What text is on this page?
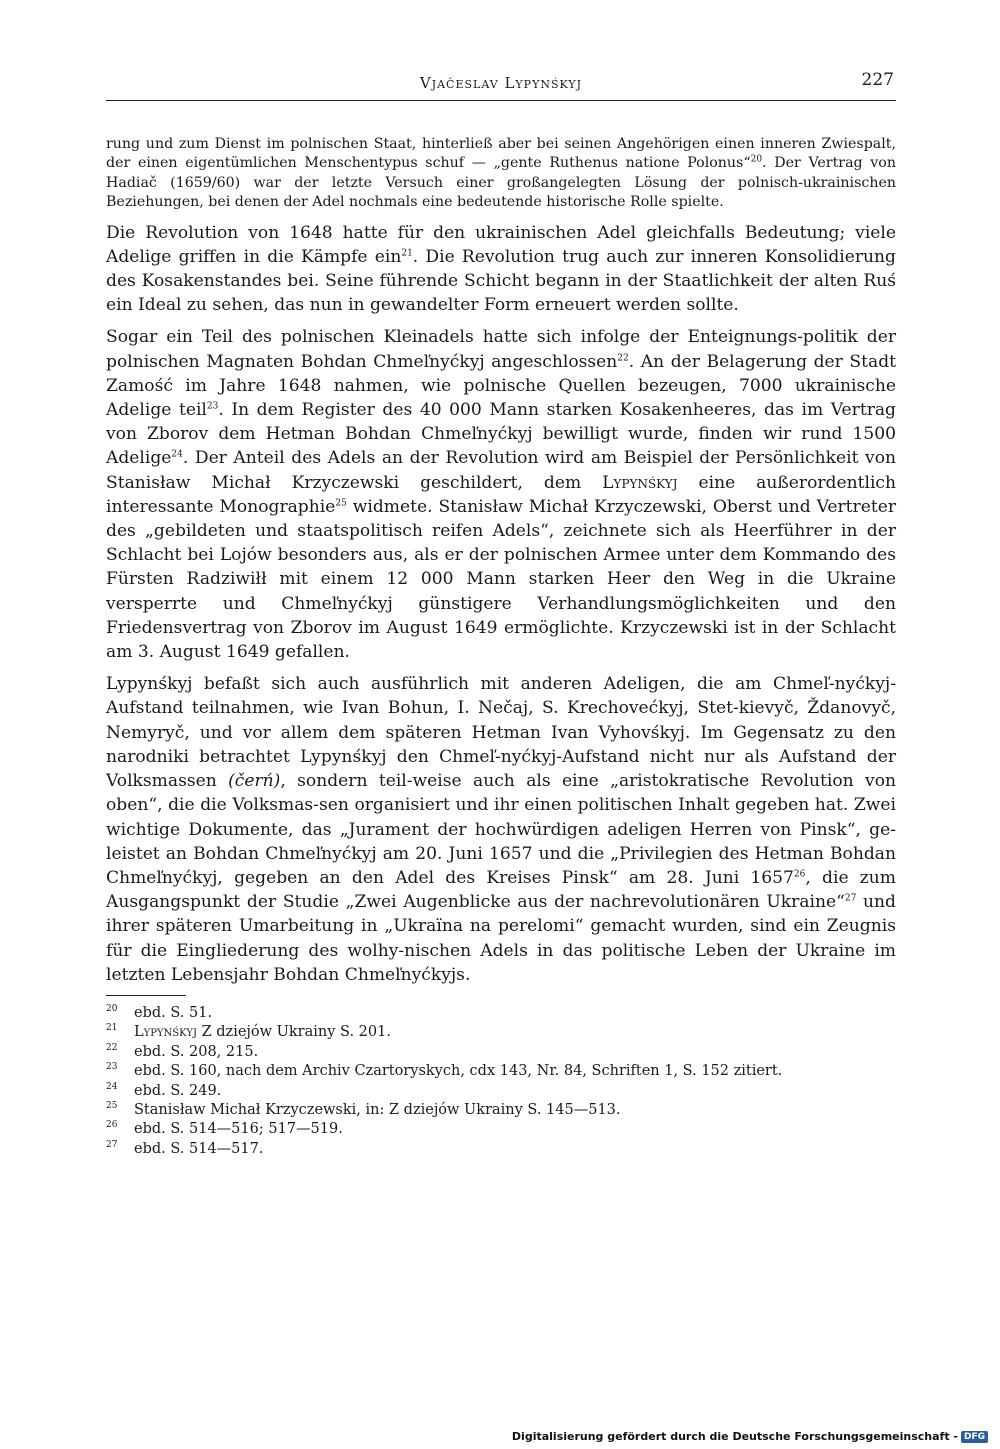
Vjačeslav Lypynśkyj	227

rung und zum Dienst im polnischen Staat, hinterließ aber bei seinen Angehörigen einen inneren Zwiespalt, der einen eigentümlichen Menschentypus schuf — „gente Ruthenus natione Polonus“$^{20}$. Der Vertrag von Hadiač (1659/60) war der letzte Versuch einer großangelegten Lösung der polnisch-ukrainischen Beziehungen, bei denen der Adel nochmals eine bedeutende historische Rolle spielte.

Die Revolution von 1648 hatte für den ukrainischen Adel gleichfalls Bedeutung; viele Adelige griffen in die Kämpfe ein$^{21}$. Die Revolution trug auch zur inneren Konsolidierung des Kosakenstandes bei. Seine führende Schicht begann in der Staatlichkeit der alten Ruś ein Ideal zu sehen, das nun in gewandelter Form erneuert werden sollte.

Sogar ein Teil des polnischen Kleinadels hatte sich infolge der Enteignungs-politik der polnischen Magnaten Bohdan Chmeľnyćkyj angeschlossen$^{22}$. An der Belagerung der Stadt Zamość im Jahre 1648 nahmen, wie polnische Quellen bezeugen, 7000 ukrainische Adelige teil$^{23}$. In dem Register des 40 000 Mann starken Kosakenheeres, das im Vertrag von Zborov dem Hetman Bohdan Chmeľnyćkyj bewilligt wurde, finden wir rund 1500 Adelige$^{24}$. Der Anteil des Adels an der Revolution wird am Beispiel der Persönlichkeit von Stanisław Michał Krzyczewski geschildert, dem Lypynśkyj eine außerordentlich interessante Monographie$^{25}$ widmete. Stanisław Michał Krzyczewski, Oberst und Vertreter des „gebildeten und staatspolitisch reifen Adels“, zeichnete sich als Heerführer in der Schlacht bei Lojów besonders aus, als er der polnischen Armee unter dem Kommando des Fürsten Radziwiłł mit einem 12 000 Mann starken Heer den Weg in die Ukraine versperrte und Chmeľnyćkyj günstigere Verhandlungsmöglichkeiten und den Friedensvertrag von Zborov im August 1649 ermöglichte. Krzyczewski ist in der Schlacht am 3. August 1649 gefallen.

Lypynśkyj befaßt sich auch ausführlich mit anderen Adeligen, die am Chmeľ-nyćkyj-Aufstand teilnahmen, wie Ivan Bohun, I. Nečaj, S. Krechovećkyj, Stet-kievyč, Ždanovyč, Nemyryč, und vor allem dem späteren Hetman Ivan Vyhovśkyj. Im Gegensatz zu den narodniki betrachtet Lypynśkyj den Chmeľ-nyćkyj-Aufstand nicht nur als Aufstand der Volksmassen (čerń), sondern teil-weise auch als eine „aristokratische Revolution von oben“, die die Volksmas-sen organisiert und ihr einen politischen Inhalt gegeben hat. Zwei wichtige Dokumente, das „Jurament der hochwürdigen adeligen Herren von Pinsk“, ge-leistet an Bohdan Chmeľnyćkyj am 20. Juni 1657 und die „Privilegien des Hetman Bohdan Chmeľnyćkyj, gegeben an den Adel des Kreises Pinsk“ am 28. Juni 1657$^{26}$, die zum Ausgangspunkt der Studie „Zwei Augenblicke aus der nachrevolutionären Ukraine“$^{27}$ und ihrer späteren Umarbeitung in „Ukraïna na perelomi“ gemacht wurden, sind ein Zeugnis für die Eingliederung des wolhy-nischen Adels in das politische Leben der Ukraine im letzten Lebensjahr Bohdan Chmeľnyćkyjs.

$^{20}$ ebd. S. 51.
$^{21}$ Lypynśkyj Z dziejów Ukrainy S. 201.
$^{22}$ ebd. S. 208, 215.
$^{23}$ ebd. S. 160, nach dem Archiv Czartoryskych, cdx 143, Nr. 84, Schriften 1, S. 152 zitiert.
$^{24}$ ebd. S. 249.
$^{25}$ Stanisław Michał Krzyczewski, in: Z dziejów Ukrainy S. 145—513.
$^{26}$ ebd. S. 514—516; 517—519.
$^{27}$ ebd. S. 514—517.
Digitalisierung gefördert durch die Deutsche Forschungsgemeinschaft - DFG
